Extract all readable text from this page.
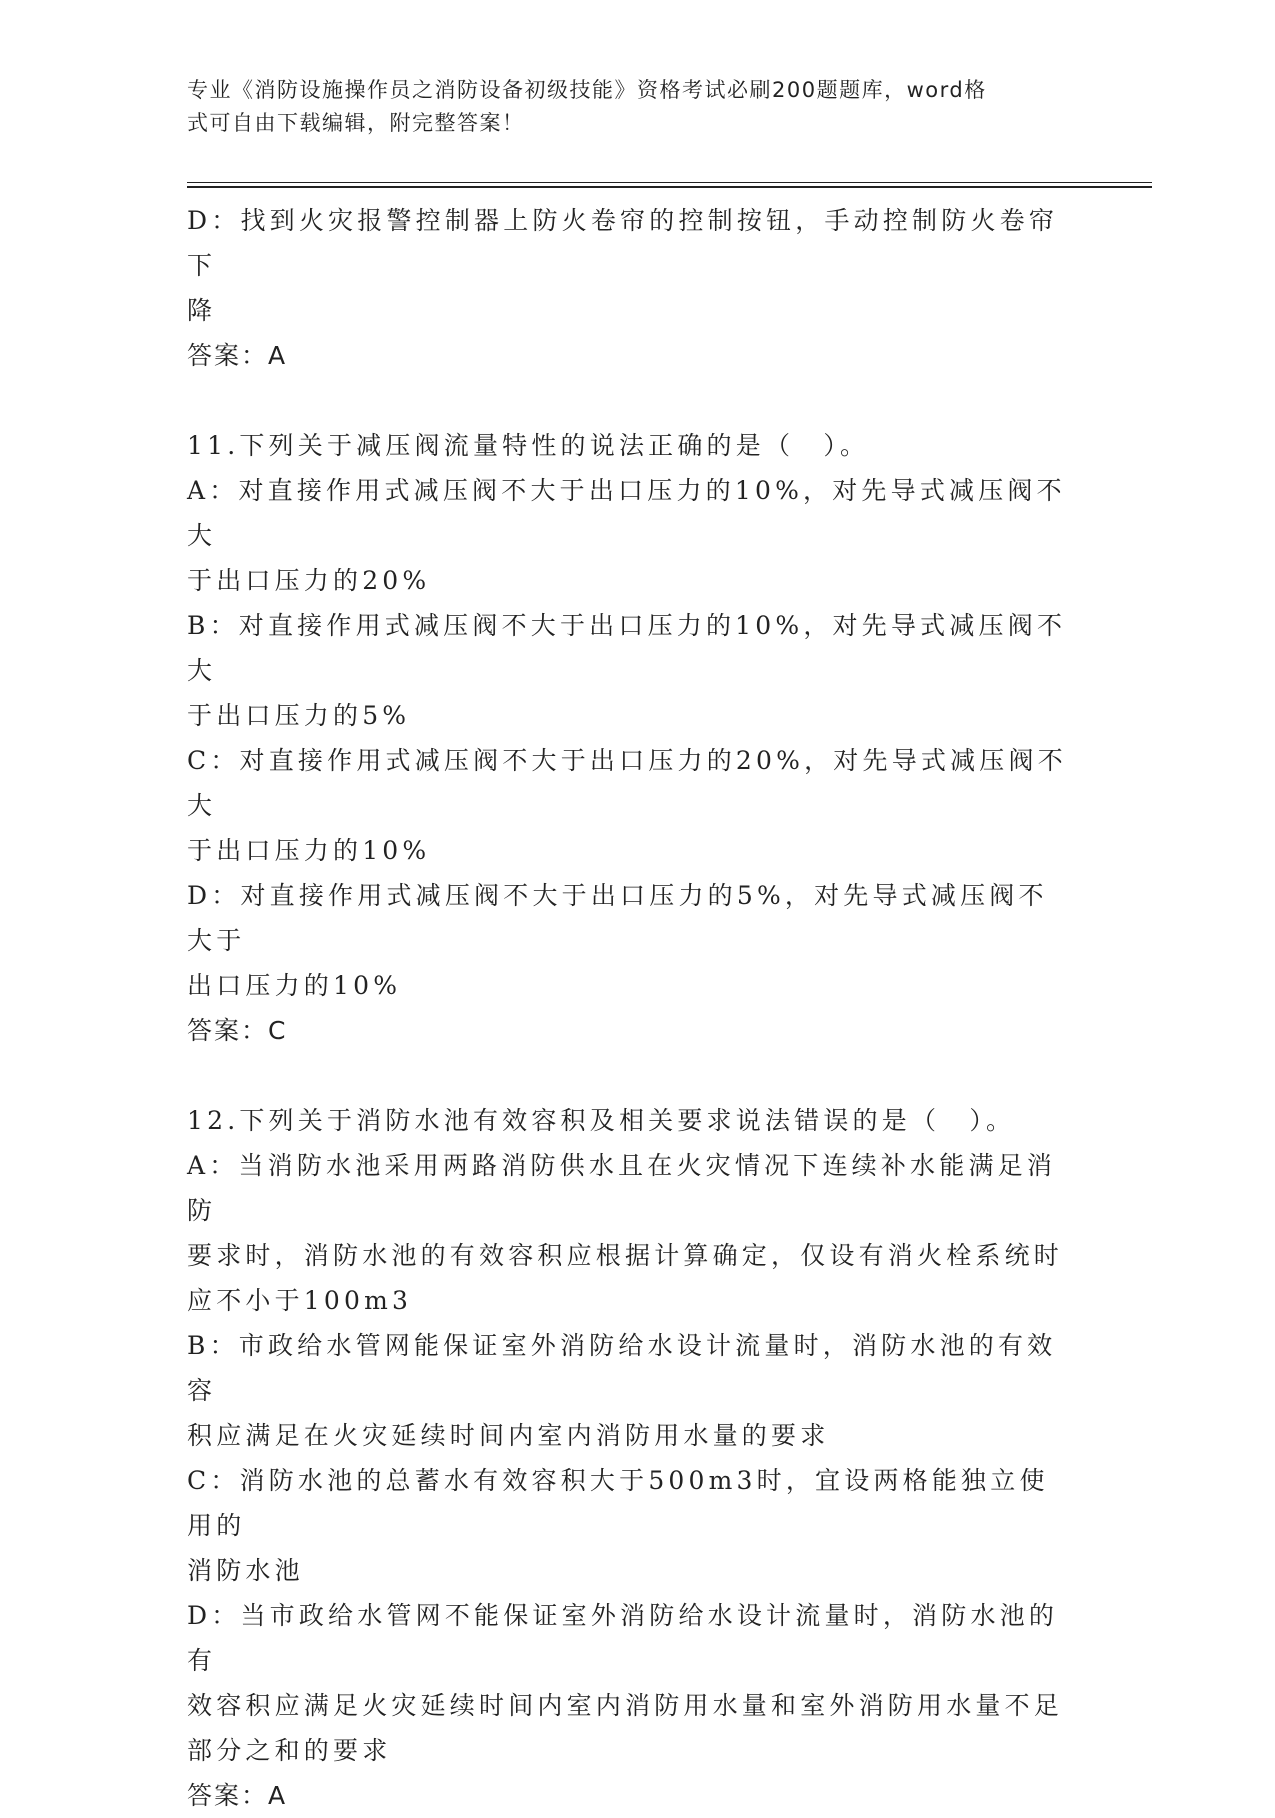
专业《消防设施操作员之消防设备初级技能》资格考试必刷200题题库，word格
式可自由下载编辑，附完整答案！
D：找到火灾报警控制器上防火卷帘的控制按钮，手动控制防火卷帘下
降
答案：A
11.下列关于减压阀流量特性的说法正确的是（　）。
A：对直接作用式减压阀不大于出口压力的10%，对先导式减压阀不大
于出口压力的20%
B：对直接作用式减压阀不大于出口压力的10%，对先导式减压阀不大
于出口压力的5%
C：对直接作用式减压阀不大于出口压力的20%，对先导式减压阀不大
于出口压力的10%
D：对直接作用式减压阀不大于出口压力的5%，对先导式减压阀不大于
出口压力的10%
答案：C
12.下列关于消防水池有效容积及相关要求说法错误的是（　）。
A：当消防水池采用两路消防供水且在火灾情况下连续补水能满足消防
要求时，消防水池的有效容积应根据计算确定，仅设有消火栓系统时
应不小于100m3
B：市政给水管网能保证室外消防给水设计流量时，消防水池的有效容
积应满足在火灾延续时间内室内消防用水量的要求
C：消防水池的总蓄水有效容积大于500m3时，宜设两格能独立使用的
消防水池
D：当市政给水管网不能保证室外消防给水设计流量时，消防水池的有
效容积应满足火灾延续时间内室内消防用水量和室外消防用水量不足
部分之和的要求
答案：A
